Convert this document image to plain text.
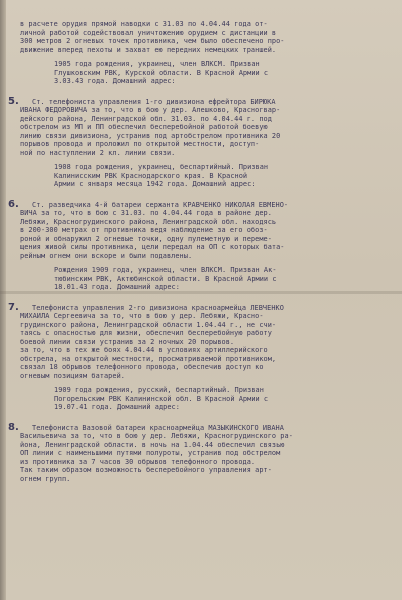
в расчете орудия прямой наводки с 31.03 по 4.04.44 года от-
личной работой содействовал уничтожению орудием с дистанции в
300 метров 2 огневых точек противника, чем было обеспечено про-
движение вперед пехоты и захват ею передних немецких траншей.
1905 года рождения, украинец, член ВЛКСМ. Призван
Глушковским РВК, Курской области. В Красной Армии с
3.03.43 года. Домашний адрес:
5.	Ст. телефониста управления 1-го дивизиона ефрейтора БИРЮКА
ИВАНА ФЕДОРОВИЧА за то, что в бою у дер. Алешково, Красногвар-
дейского района, Ленинградской обл. 31.03. по 4.04.44 г. под
обстрелом из МП и ПП обеспечил бесперебойной работой боевую
линию связи дивизиона, устранив под артобстрелом противника 20
порывов провода и проложил по открытой местности, доступ-
ной по наступлении 2 кл. линии связи.
1908 года рождения, украинец, беспартийный. Призван
Калинисским РВК Краснодарского края. В Красной
Армии с января месяца 1942 года. Домашний адрес:
6.	Ст. разведчика 4-й батареи сержанта КРАВЧЕНКО НИКОЛАЯ ЕВМЕНО-
ВИЧА за то, что в бою с 31.03. по 4.04.44 года в районе дер.
Лебяжи, Красногрудинского района, Ленинградской обл. находясь
в 200-300 метрах от противника ведя наблюдение за его обоз-
роной и обнаружил 2 огневые точки, одну пулеметную и переме-
щения живой силы противника, цели передал на ОП с которых бата-
рейным огнем они вскоре и были подавлены.
Рождения 1909 года, украинец, член ВЛКСМ. Призван Ак-
тюбинским РВК, Актюбинской области. В Красной Армии с
18.01.43 года. Домашний адрес:
7.	Телефониста управления 2-го дивизиона красноармейца ЛЕВЧЕНКО
МИХАИЛА Сергеевича за то, что в бою у дер. Лебяжи, Красно-
грудинского района, Ленинградской области 1.04.44 г., не счи-
таясь с опасностью для жизни, обеспечил бесперебойную работу
боевой линии связи устранив за 2 ночных 20 порывов.
за то, что в тех же боях 4.04.44 в условиях артиллерийского
обстрела, на открытой местности, просматриваемой противником,
связал 18 обрывов телефонного провода, обеспечив доступ ко
огневым позициям батарей.
1909 года рождения, русский, беспартийный. Призван
Погорельским РВК Калининской обл. В Красной Армии с
19.07.41 года. Домашний адрес:
8.	Телефониста Вазовой батареи красноармейца МАЗЫКИНСКОГО ИВАНА
Васильевича за то, что в бою у дер. Лебяжи, Красногрудинского ра-
йона, Ленинградской области. в ночь на 1.04.44 обеспечил связью
ОП линии с наименьшими путями полуроты, устранив под обстрелом
из противника за 7 часов 30 обрывов телефонного провода.
Так таким образом возможность бесперебойного управления арт-
огнем групп.
